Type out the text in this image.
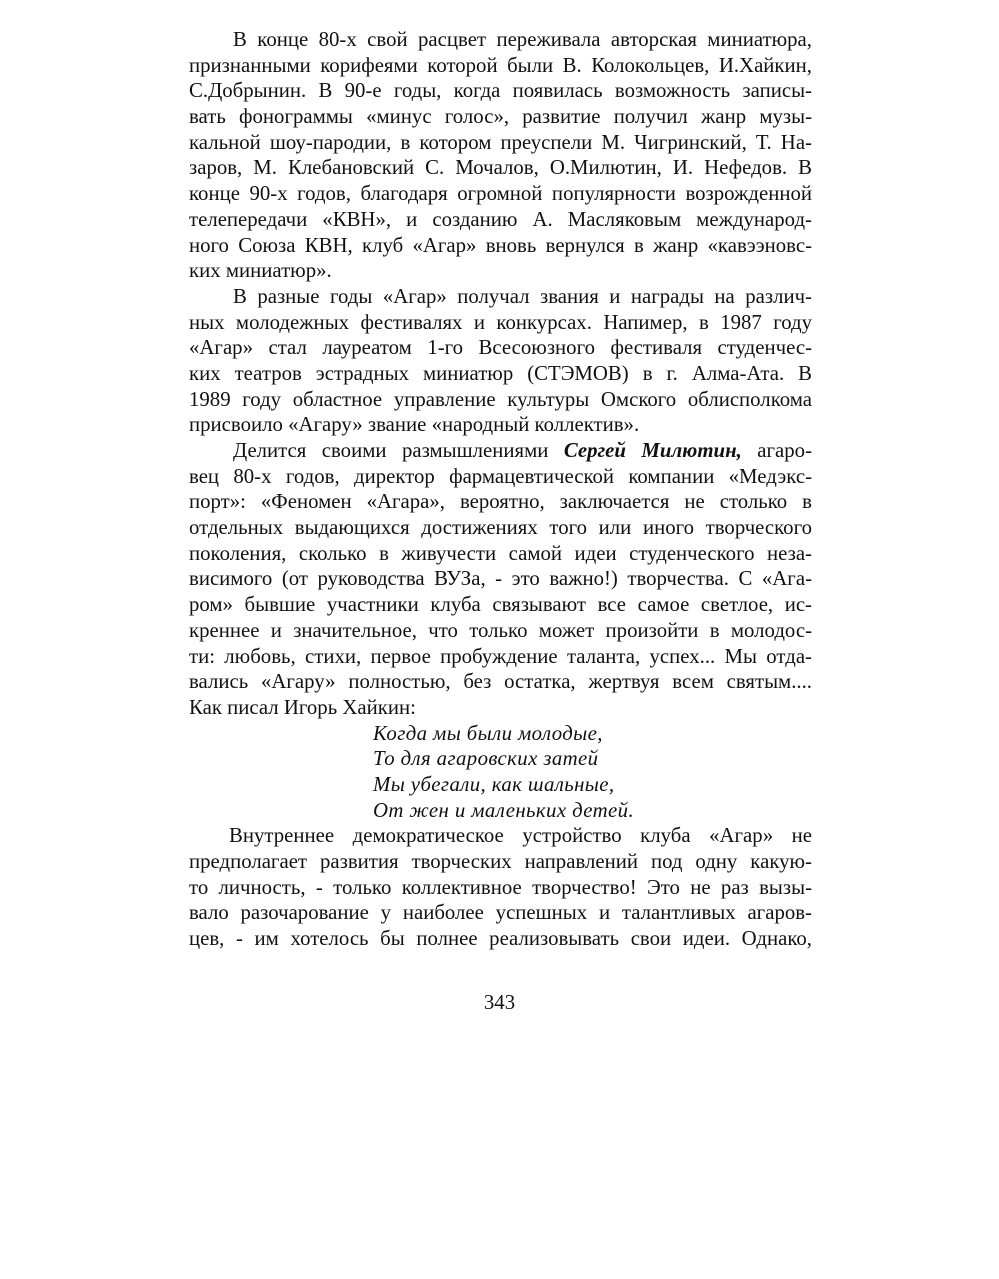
В конце 80-х свой расцвет переживала авторская миниатюра,
признанными корифеями которой были В. Колокольцев, И.Хайкин,
С.Добрынин. В 90-е годы, когда появилась возможность записы-
вать фонограммы «минус голос», развитие получил жанр музы-
кальной шоу-пародии, в котором преуспели М. Чигринский, Т. На-
заров, М. Клебановский С. Мочалов, О.Милютин, И. Нефедов. В
конце 90-х годов, благодаря огромной популярности возрожденной
телепередачи «КВН», и созданию А. Масляковым международ-
ного Союза КВН, клуб «Агар» вновь вернулся в жанр «кавээновс-
ких миниатюр».
В разные годы «Агар» получал звания и награды на различ-
ных молодежных фестивалях и конкурсах. Напимер, в 1987 году
«Агар» стал лауреатом 1-го Всесоюзного фестиваля студенчес-
ких театров эстрадных миниатюр (СТЭМОВ) в г. Алма-Ата. В
1989 году областное управление культуры Омского облисполкома
присвоило «Агару» звание «народный коллектив».
Делится своими размышлениями Сергей Милютин, агаро-
вец 80-х годов, директор фармацевтической компании «Медэкс-
порт»: «Феномен «Агара», вероятно, заключается не столько в
отдельных выдающихся достижениях того или иного творческого
поколения, сколько в живучести самой идеи студенческого неза-
висимого (от руководства ВУЗа, - это важно!) творчества. С «Ага-
ром» бывшие участники клуба связывают все самое светлое, ис-
креннее и значительное, что только может произойти в молодос-
ти: любовь, стихи, первое пробуждение таланта, успех... Мы отда-
вались «Агару» полностью, без остатка, жертвуя всем святым....
Как писал Игорь Хайкин:
Когда мы были молодые,
То для агаровских затей
Мы убегали, как шальные,
От жен и маленьких детей.
Внутреннее демократическое устройство клуба «Агар» не
предполагает развития творческих направлений под одну какую-
то личность, - только коллективное творчество! Это не раз вызы-
вало разочарование у наиболее успешных и талантливых агаров-
цев, - им хотелось бы полнее реализовывать свои идеи. Однако,
343
